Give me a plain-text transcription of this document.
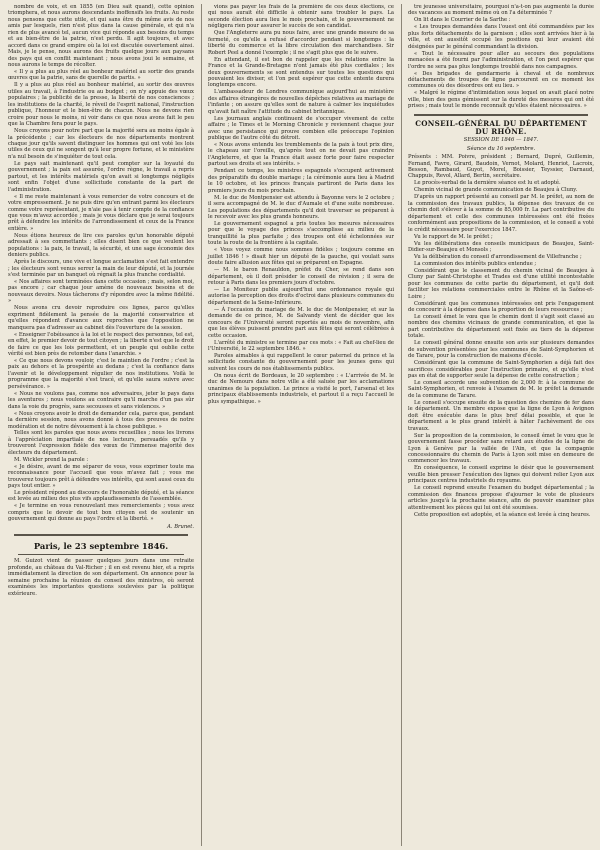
nombre de voix, et en 1855 (en Dieu sait quand), cette opinion triomphera, et nous aurons descendants inoffensifs les fruits. Au reste nous pensons que cette utile, et qui sans être du même avis de nos amis par lesquels, rien n'est plus dans la cause générale, et qui n'a rien de plus avancé tel, aucun vice qui réponde aux besoins du temps et au bien-être de la patrie, n'est perdu. Il agit toujours, et avec accord dans ce grand empire où la loi est discutée ouvertement ainsi. Mais, je le pense, nous aurons des fruits quelque jours aux paysans des pays qui en conflit maintenant ; nous avons joui le semaine, et nous aurons le temps de récolter.

« Il y a plus au plus réel au bonheur matériel au sortir des grands œuvres que la patrie, sans de querelle de partis. »

Il y a plus au plus réel au bonheur matériel, au sortir des œuvres utiles au travail, à l'industrie ou au budget ; on n'y appuie des vœux populaires ; la publicité de la presse, la liberté de nos consciences ; les institutions de la charité, le réveil de l'esprit national, l'instruction publique, l'honneur et le bien-être de chacun. Nous ne devons rien croire pour nous le moins, ni voir dans ce que nous avons fait le peu que la Chambre fera pour le pays.

Nous croyons pour notre part que la majorité sera au moins égale à la précédente ; car les électeurs de nos départements montrent chaque jour qu'ils savent distinguer les hommes qui ont voté les lois utiles de ceux qui ne songent qu'à leur propre fortune, et le ministère n'a nul besoin de s'inquiéter de tout cela.

Le pays sait maintenant qu'il peut compter sur la loyauté du gouvernement ; la paix est assurée, l'ordre règne, le travail a repris partout, et les intérêts matériels qu'on avait si longtemps négligés sont enfin l'objet d'une sollicitude constante de la part de l'administration.

« Il me reste maintenant à vous remercier de votre concours et de votre empressement. Je ne puis dire qu'en entrant parmi les électeurs comme votre représentant, je n'aie pas à tenir compte de la confiance que vous m'avez accordée ; mais je vous déclare que je serai toujours prêt à défendre les intérêts de l'arrondissement et ceux de la France entière. »

Nous étions heureux de lire ces paroles qu'un honorable député adressait à ses commettants ; elles disent bien ce que veulent les populations : la paix, le travail, la sécurité, et une sage économie des deniers publics.

Après le discours, une vive et longue acclamation s'est fait entendre ; les électeurs sont venus serrer la main de leur député, et la journée s'est terminée par un banquet où régnait la plus franche cordialité.

« Nos affaires sont terminées dans cette occasion ; mais, selon moi, pas encore ; car chaque jour amène de nouveaux besoins et de nouveaux devoirs. Nous tâcherons d'y répondre avec la même fidélité. »

Nous avons cru devoir reproduire ces lignes, parce qu'elles expriment fidèlement la pensée de la majorité conservatrice et qu'elles répondent d'avance aux reproches que l'opposition ne manquera pas d'adresser au cabinet dès l'ouverture de la session.

« Enseigner l'obéissance à la loi et le respect des personnes, tel est, en effet, le premier devoir de tout citoyen ; la liberté n'est que le droit de faire ce que les lois permettent, et un peuple qui oublie cette vérité est bien près de retomber dans l'anarchie. »

« Ce que nous devons vouloir, c'est le maintien de l'ordre ; c'est la paix au dehors et la prospérité au dedans ; c'est la confiance dans l'avenir et le développement régulier de nos institutions. Voilà le programme que la majorité s'est tracé, et qu'elle saura suivre avec persévérance. »

« Nous ne voulons pas, comme nos adversaires, jeter le pays dans les aventures ; nous voulons au contraire qu'il marche d'un pas sûr dans la voie du progrès, sans secousses et sans violences. »

« Nous croyons avoir le droit de demander cela, parce que, pendant la dernière session, nous avons donné à tous des preuves de notre modération et de notre dévouement à la chose publique. »

Telles sont les paroles que nous avons recueillies ; nous les livrons à l'appréciation impartiale de nos lecteurs, persuadés qu'ils y trouveront l'expression fidèle des vœux de l'immense majorité des électeurs du département.

M. Wickler prend la parole :

« Je désire, avant de me séparer de vous, vous exprimer toute ma reconnaissance pour l'accueil que vous m'avez fait ; vous me trouverez toujours prêt à défendre vos intérêts, qui sont aussi ceux du pays tout entier. »

Le président répond au discours de l'honorable député, et la séance est levée au milieu des plus vifs applaudissements de l'assemblée.

« Je termine en vous renouvelant mes remerciements ; vous avez compris que le devoir de tout bon citoyen est de soutenir un gouvernement qui donne au pays l'ordre et la liberté. »

A. Brunet.

Paris, le 23 septembre 1846.

M. Guizot vient de passer quelques jours dans une retraite profonde, au château du Val-Richer ; il en est revenu hier, et a repris immédiatement la direction de son département. On annonce pour la semaine prochaine la réunion du conseil des ministres, où seront examinées les importantes questions soulevées par la politique extérieure.

vions pas payer les frais de la première de ces deux élections, ce qui nous aurait été difficile à obtenir sans troubler le pays. La seconde élection aura lieu le mois prochain, et le gouvernement ne négligera rien pour assurer le succès de son candidat.

Que l'Angleterre aura pu nous faire, avec une grande mesure de sa fermeté, ce qu'elle a refusé d'accorder pendant si longtemps : la liberté du commerce et la libre circulation des marchandises. Sir Robert Peel a donné l'exemple ; il ne s'agit plus que de le suivre.

En attendant, il est bon de rappeler que les relations entre la France et la Grande-Bretagne n'ont jamais été plus cordiales ; les deux gouvernements se sont entendus sur toutes les questions qui pouvaient les diviser, et l'on peut espérer que cette entente durera longtemps encore.

L'ambassadeur de Londres communique aujourd'hui au ministère des affaires étrangères de nouvelles dépêches relatives au mariage de l'infante ; on assure qu'elles sont de nature à calmer les inquiétudes qu'avait fait naître l'attitude du cabinet britannique.

Les journaux anglais continuent de s'occuper vivement de cette affaire ; le Times et le Morning Chronicle y reviennent chaque jour avec une persistance qui prouve combien elle préoccupe l'opinion publique de l'autre côté du détroit.

« Nous avons entendu les tremblements de la paix à tout prix dire, le chapeau sur l'oreille, qu'après tout on ne devait pas craindre l'Angleterre, et que la France était assez forte pour faire respecter partout ses droits et ses intérêts. »

Pendant ce temps, les ministres espagnols s'occupent activement des préparatifs du double mariage ; la cérémonie aura lieu à Madrid le 10 octobre, et les princes français partiront de Paris dans les premiers jours du mois prochain.

M. le duc de Montpensier est attendu à Bayonne vers le 2 octobre ; il sera accompagné de M. le duc d'Aumale et d'une suite nombreuse. Les populations des départements qu'il doit traverser se préparent à le recevoir avec les plus grands honneurs.

Le gouvernement espagnol a pris toutes les mesures nécessaires pour que le voyage des princes s'accomplisse au milieu de la tranquillité la plus parfaite ; des troupes ont été échelonnées sur toute la route de la frontière à la capitale.

« Vous voyez comme nous sommes fidèles ; toujours comme en juillet 1846 ! » disait hier un député de la gauche, qui voulait sans doute faire allusion aux fêtes qui se préparent en Espagne.

— M. le baron Renauldon, préfet du Cher, se rend dans son département, où il doit présider le conseil de révision ; il sera de retour à Paris dans les premiers jours d'octobre.

— Le Moniteur publie aujourd'hui une ordonnance royale qui autorise la perception des droits d'octroi dans plusieurs communes du département de la Seine-Inférieure.

— À l'occasion du mariage de M. le duc de Montpensier, et sur la demande de ce prince, M. de Salvandy vient de décider que les concours de l'Université seront reportés au mois de novembre, afin que les élèves puissent prendre part aux fêtes qui seront célébrées à cette occasion.

L'arrêté du ministre se termine par ces mots : « Fait au chef-lieu de l'Université, le 22 septembre 1846. »

Paroles aimables à qui rappellent le cœur paternel du prince et la sollicitude constante du gouvernement pour les jeunes gens qui suivent les cours de nos établissements publics.

On nous écrit de Bordeaux, le 20 septembre : « L'arrivée de M. le duc de Nemours dans notre ville a été saluée par les acclamations unanimes de la population. Le prince a visité le port, l'arsenal et les principaux établissements industriels, et partout il a reçu l'accueil le plus sympathique. »

tre jeunesse universitaire, pourquoi n'a-t-on pas augmenté la durée des vacances au moment même où on l'a déterminée ?

On lit dans le Courrier de la Sarthe :

« Les troupes demandées dans l'ouest ont été commandées par les plus forts détachements de la garnison ; elles sont arrivées hier à la ville, et ont aussitôt occupé les positions qui leur avaient été désignées par le général commandant la division.

« Tout le nécessaire pour aller au secours des populations menacées a été fourni par l'administration, et l'on peut espérer que l'ordre ne sera pas plus longtemps troublé dans nos campagnes.

« Des brigades de gendarmerie à cheval et de nombreux détachements de troupes de ligne parcourent en ce moment les communes où des désordres ont eu lieu. »

« Malgré le régime d'intimidation sous lequel on avait placé notre ville, bien des gens gémissent sur la dureté des mesures qui ont été prises ; mais tout le monde reconnaît qu'elles étaient nécessaires. »

CONSEIL-GÉNÉRAL DU DÉPARTEMENT DU RHÔNE.
SESSION DE 1846 — 1847.
Séance du 16 septembre.

Présents : MM. Poivre, président ; Bernard, Dupré, Guillemin, Fernand, Favre, Girard, Baudoin, Vernot, Molard, Henriot, Lacroix, Besson, Rambaud, Guyot, Morel, Boissier, Teyssier, Darnaud, Chappuis, Revol, Allard, Bertin, secrétaire.

Le procès-verbal de la dernière séance est lu et adopté.

Chemin vicinal de grande communication de Beaujeu à Cluny.

D'après un rapport présenté au conseil par M. le préfet, au nom de la commission des travaux publics, la dépense des travaux de ce chemin doit s'élever à la somme de 85,000 fr. La part contributive du département et celle des communes intéressées ont été fixées conformément aux propositions de la commission, et le conseil a voté le crédit nécessaire pour l'exercice 1847.

Vu le rapport de M. le préfet ;

Vu les délibérations des conseils municipaux de Beaujeu, Saint-Didier-sur-Beaujeu et Monsols ;

Vu la délibération du conseil d'arrondissement de Villefranche ;

La commission des intérêts publics entendue ;

Considérant que le classement du chemin vicinal de Beaujeu à Cluny par Saint-Christophe et Trades est d'une utilité incontestable pour les communes de cette partie du département, et qu'il doit faciliter les relations commerciales entre le Rhône et la Saône-et-Loire ;

Considérant que les communes intéressées ont pris l'engagement de concourir à la dépense dans la proportion de leurs ressources ;

Le conseil émet le vœu que le chemin dont il s'agit soit classé au nombre des chemins vicinaux de grande communication, et que la part contributive du département soit fixée au tiers de la dépense totale.

Le conseil général donne ensuite son avis sur plusieurs demandes de subvention présentées par les communes de Saint-Symphorien et de Tarare, pour la construction de maisons d'école.

Considérant que la commune de Saint-Symphorien a déjà fait des sacrifices considérables pour l'instruction primaire, et qu'elle n'est pas en état de supporter seule la dépense de cette construction ;

Le conseil accorde une subvention de 2,000 fr. à la commune de Saint-Symphorien, et renvoie à l'examen de M. le préfet la demande de la commune de Tarare.

Le conseil s'occupe ensuite de la question des chemins de fer dans le département. Un membre expose que la ligne de Lyon à Avignon doit être exécutée dans le plus bref délai possible, et que le département a le plus grand intérêt à hâter l'achèvement de ces travaux.

Sur la proposition de la commission, le conseil émet le vœu que le gouvernement fasse procéder sans retard aux études de la ligne de Lyon à Genève par la vallée de l'Ain, et que la compagnie concessionnaire du chemin de Paris à Lyon soit mise en demeure de commencer les travaux.

En conséquence, le conseil exprime le désir que le gouvernement veuille bien presser l'exécution des lignes qui doivent relier Lyon aux principaux centres industriels du royaume.

Le conseil reprend ensuite l'examen du budget départemental ; la commission des finances propose d'ajourner le vote de plusieurs articles jusqu'à la prochaine séance, afin de pouvoir examiner plus attentivement les pièces qui lui ont été soumises.

Cette proposition est adoptée, et la séance est levée à cinq heures.
